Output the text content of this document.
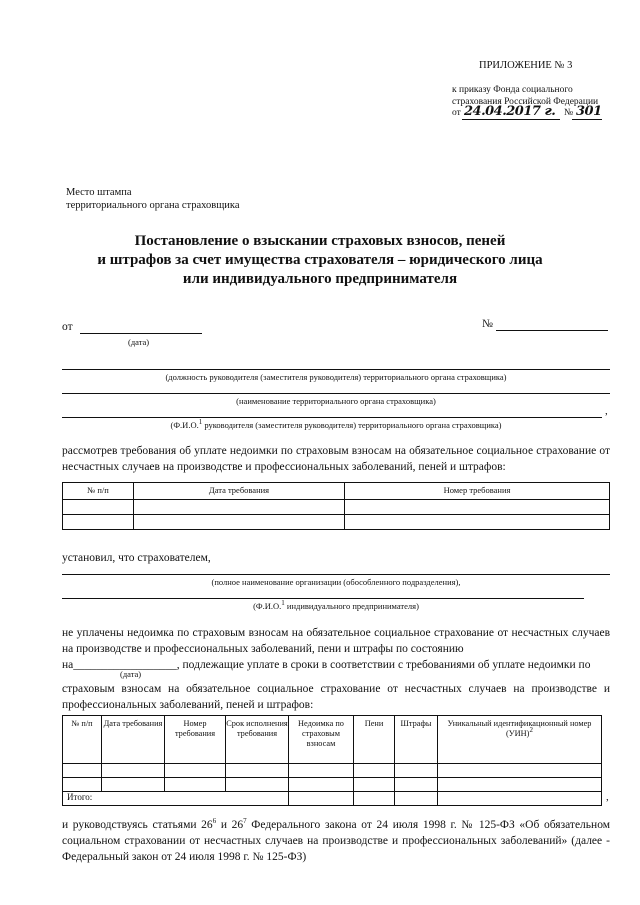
ПРИЛОЖЕНИЕ № 3
к приказу Фонда социального
страхования Российской Федерации
от 24.04.2017 г. № 301
Место штампа
территориального органа страховщика
Постановление о взыскании страховых взносов, пеней
и штрафов за счет имущества страхователя – юридического лица
или индивидуального предпринимателя
от
(дата)
№
(должность руководителя (заместителя руководителя) территориального органа страховщика)
(наименование территориального органа страховщика)
,
(Ф.И.О.$^1$ руководителя (заместителя руководителя) территориального органа страховщика)
рассмотрев требования об уплате недоимки по страховым взносам на обязательное социальное страхование от несчастных случаев на производстве и профессиональных заболеваний, пеней и штрафов:
№ п/п	Дата требования	Номер требования

установил, что страхователем,
(полное наименование организации (обособленного подразделения),
(Ф.И.О.$^1$ индивидуального предпринимателя)
не уплачены недоимка по страховым взносам на обязательное социальное страхование от несчастных случаев на производстве и профессиональных заболеваний, пени и штрафы по состоянию
на__________________, подлежащие уплате в сроки в соответствии с требованиями об уплате недоимки по
(дата)
страховым взносам на обязательное социальное страхование от несчастных случаев на производстве и профессиональных заболеваний, пеней и штрафов:
№ п/п	Дата требования	Номер требования	Срок исполнения требования	Недоимка по страховым взносам	Пени	Штрафы	Уникальный идентификационный номер (УИН)$^2$

Итого:								,
и руководствуясь статьями $26^6$ и $26^7$ Федерального закона от 24 июля 1998 г. № 125-ФЗ «Об обязательном социальном страховании от несчастных случаев на производстве и профессиональных заболеваний» (далее - Федеральный закон от 24 июля 1998 г. № 125-ФЗ)
